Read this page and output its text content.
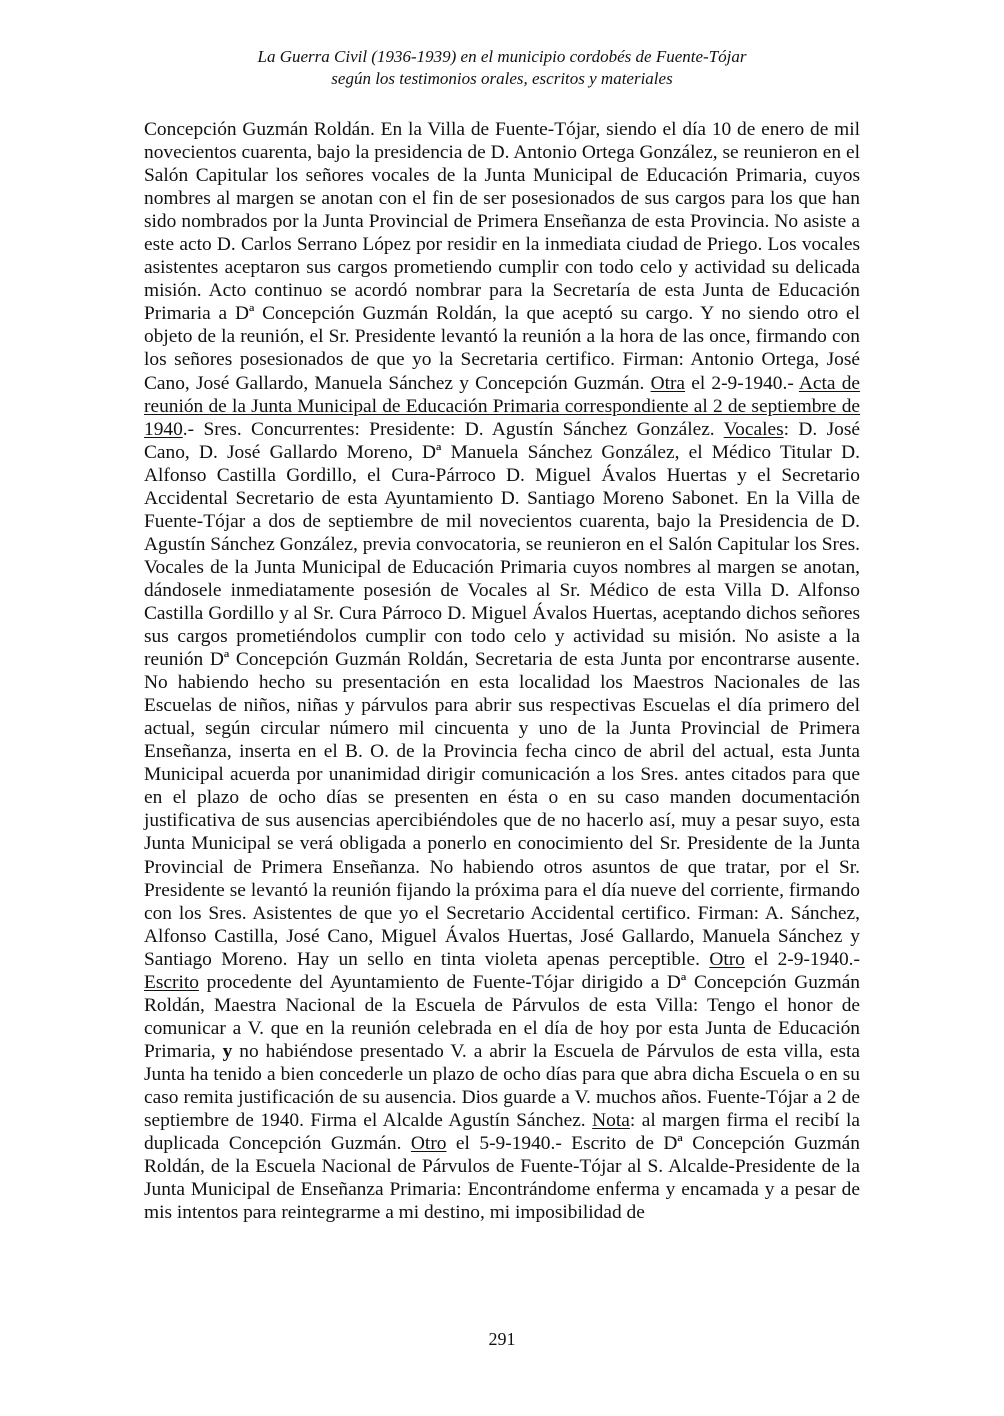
La Guerra Civil (1936-1939) en el municipio cordobés de Fuente-Tójar
según los testimonios orales, escritos y materiales

Concepción Guzmán Roldán. En la Villa de Fuente-Tójar, siendo el día 10 de enero de mil novecientos cuarenta, bajo la presidencia de D. Antonio Ortega González, se reunieron en el Salón Capitular los señores vocales de la Junta Municipal de Educación Primaria, cuyos nombres al margen se anotan con el fin de ser posesionados de sus cargos para los que han sido nombrados por la Junta Provincial de Primera Enseñanza de esta Provincia. No asiste a este acto D. Carlos Serrano López por residir en la inmediata ciudad de Priego. Los vocales asistentes aceptaron sus cargos prometiendo cumplir con todo celo y actividad su delicada misión. Acto continuo se acordó nombrar para la Secretaría de esta Junta de Educación Primaria a Dª Concepción Guzmán Roldán, la que aceptó su cargo. Y no siendo otro el objeto de la reunión, el Sr. Presidente levantó la reunión a la hora de las once, firmando con los señores posesionados de que yo la Secretaria certifico. Firman: Antonio Ortega, José Cano, José Gallardo, Manuela Sánchez y Concepción Guzmán. Otra el 2-9-1940.- Acta de reunión de la Junta Municipal de Educación Primaria correspondiente al 2 de septiembre de 1940.- Sres. Concurrentes: Presidente: D. Agustín Sánchez González. Vocales: D. José Cano, D. José Gallardo Moreno, Dª Manuela Sánchez González, el Médico Titular D. Alfonso Castilla Gordillo, el Cura-Párroco D. Miguel Ávalos Huertas y el Secretario Accidental Secretario de esta Ayuntamiento D. Santiago Moreno Sabonet. En la Villa de Fuente-Tójar a dos de septiembre de mil novecientos cuarenta, bajo la Presidencia de D. Agustín Sánchez González, previa convocatoria, se reunieron en el Salón Capitular los Sres. Vocales de la Junta Municipal de Educación Primaria cuyos nombres al margen se anotan, dándosele inmediatamente posesión de Vocales al Sr. Médico de esta Villa D. Alfonso Castilla Gordillo y al Sr. Cura Párroco D. Miguel Ávalos Huertas, aceptando dichos señores sus cargos prometiéndolos cumplir con todo celo y actividad su misión. No asiste a la reunión Dª Concepción Guzmán Roldán, Secretaria de esta Junta por encontrarse ausente. No habiendo hecho su presentación en esta localidad los Maestros Nacionales de las Escuelas de niños, niñas y párvulos para abrir sus respectivas Escuelas el día primero del actual, según circular número mil cincuenta y uno de la Junta Provincial de Primera Enseñanza, inserta en el B. O. de la Provincia fecha cinco de abril del actual, esta Junta Municipal acuerda por unanimidad dirigir comunicación a los Sres. antes citados para que en el plazo de ocho días se presenten en ésta o en su caso manden documentación justificativa de sus ausencias apercibiéndoles que de no hacerlo así, muy a pesar suyo, esta Junta Municipal se verá obligada a ponerlo en conocimiento del Sr. Presidente de la Junta Provincial de Primera Enseñanza. No habiendo otros asuntos de que tratar, por el Sr. Presidente se levantó la reunión fijando la próxima para el día nueve del corriente, firmando con los Sres. Asistentes de que yo el Secretario Accidental certifico. Firman: A. Sánchez, Alfonso Castilla, José Cano, Miguel Ávalos Huertas, José Gallardo, Manuela Sánchez y Santiago Moreno. Hay un sello en tinta violeta apenas perceptible. Otro el 2-9-1940.- Escrito procedente del Ayuntamiento de Fuente-Tójar dirigido a Dª Concepción Guzmán Roldán, Maestra Nacional de la Escuela de Párvulos de esta Villa: Tengo el honor de comunicar a V. que en la reunión celebrada en el día de hoy por esta Junta de Educación Primaria, y no habiéndose presentado V. a abrir la Escuela de Párvulos de esta villa, esta Junta ha tenido a bien concederle un plazo de ocho días para que abra dicha Escuela o en su caso remita justificación de su ausencia. Dios guarde a V. muchos años. Fuente-Tójar a 2 de septiembre de 1940. Firma el Alcalde Agustín Sánchez. Nota: al margen firma el recibí la duplicada Concepción Guzmán. Otro el 5-9-1940.- Escrito de Dª Concepción Guzmán Roldán, de la Escuela Nacional de Párvulos de Fuente-Tójar al S. Alcalde-Presidente de la Junta Municipal de Enseñanza Primaria: Encontrándome enferma y encamada y a pesar de mis intentos para reintegrarme a mi destino, mi imposibilidad de

291
